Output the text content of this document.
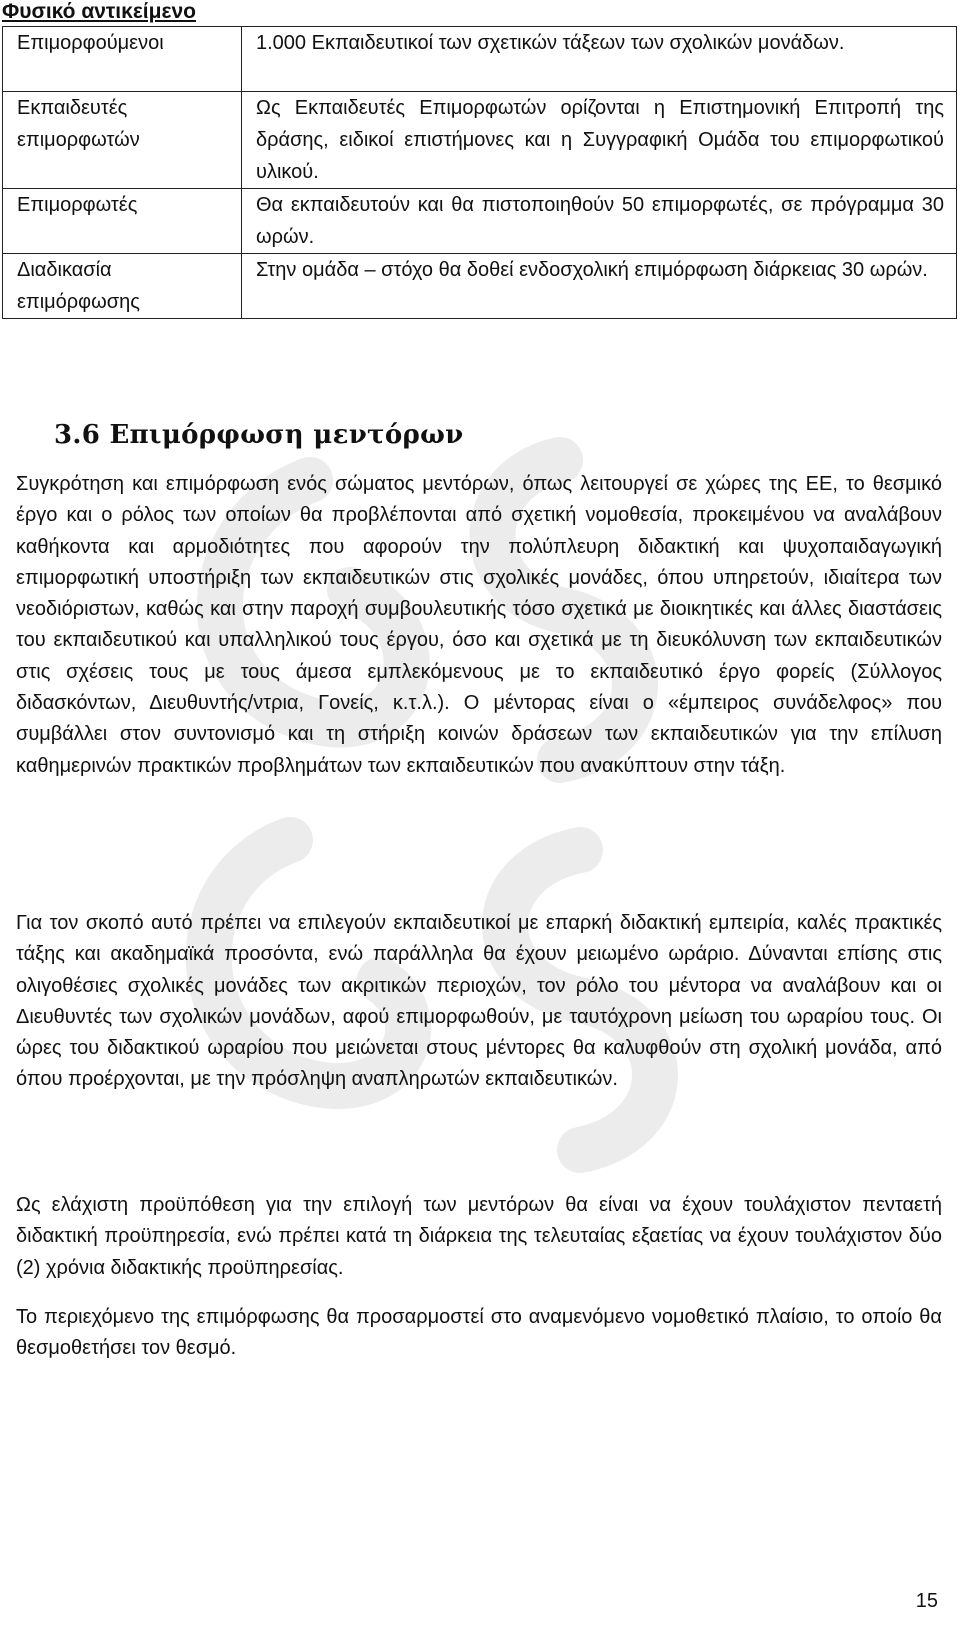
Φυσικό αντικείμενο
Επιμορφούμενοι	1.000 Εκπαιδευτικοί των σχετικών τάξεων των σχολικών μονάδων.
Εκπαιδευτές επιμορφωτών	Ως Εκπαιδευτές Επιμορφωτών ορίζονται η Επιστημονική Επιτροπή της δράσης, ειδικοί επιστήμονες και η Συγγραφική Ομάδα του επιμορφωτικού υλικού.
Επιμορφωτές	Θα εκπαιδευτούν και θα πιστοποιηθούν 50 επιμορφωτές, σε πρόγραμμα 30 ωρών.
Διαδικασία επιμόρφωσης	Στην ομάδα – στόχο θα δοθεί ενδοσχολική επιμόρφωση διάρκειας 30 ωρών.
3.6 Επιμόρφωση μεντόρων

Συγκρότηση και επιμόρφωση ενός σώματος μεντόρων, όπως λειτουργεί σε χώρες της ΕΕ, το θεσμικό έργο και ο ρόλος των οποίων θα προβλέπονται από σχετική νομοθεσία, προκειμένου να αναλάβουν καθήκοντα και αρμοδιότητες που αφορούν την πολύπλευρη διδακτική και ψυχοπαιδαγωγική επιμορφωτική υποστήριξη των εκπαιδευτικών στις σχολικές μονάδες, όπου υπηρετούν, ιδιαίτερα των νεοδιόριστων, καθώς και στην παροχή συμβουλευτικής τόσο σχετικά με διοικητικές και άλλες διαστάσεις του εκπαιδευτικού και υπαλληλικού τους έργου, όσο και σχετικά με τη διευκόλυνση των εκπαιδευτικών στις σχέσεις τους με τους άμεσα εμπλεκόμενους με το εκπαιδευτικό έργο φορείς (Σύλλογος διδασκόντων, Διευθυντής/ντρια, Γονείς, κ.τ.λ.). Ο μέντορας είναι ο «έμπειρος συνάδελφος» που συμβάλλει στον συντονισμό και τη στήριξη κοινών δράσεων των εκπαιδευτικών για την επίλυση καθημερινών πρακτικών προβλημάτων των εκπαιδευτικών που ανακύπτουν στην τάξη.

Για τον σκοπό αυτό πρέπει να επιλεγούν εκπαιδευτικοί με επαρκή διδακτική εμπειρία, καλές πρακτικές τάξης και ακαδημαϊκά προσόντα, ενώ παράλληλα θα έχουν μειωμένο ωράριο. Δύνανται επίσης στις ολιγοθέσιες σχολικές μονάδες των ακριτικών περιοχών, τον ρόλο του μέντορα να αναλάβουν και οι Διευθυντές των σχολικών μονάδων, αφού επιμορφωθούν, με ταυτόχρονη μείωση του ωραρίου τους. Οι ώρες του διδακτικού ωραρίου που μειώνεται στους μέντορες θα καλυφθούν στη σχολική μονάδα, από όπου προέρχονται, με την πρόσληψη αναπληρωτών εκπαιδευτικών.

Ως ελάχιστη προϋπόθεση για την επιλογή των μεντόρων θα είναι να έχουν τουλάχιστον πενταετή διδακτική προϋπηρεσία, ενώ πρέπει κατά τη διάρκεια της τελευταίας εξαετίας να έχουν τουλάχιστον δύο (2) χρόνια διδακτικής προϋπηρεσίας.

Το περιεχόμενο της επιμόρφωσης θα προσαρμοστεί στο αναμενόμενο νομοθετικό πλαίσιο, το οποίο θα θεσμοθετήσει τον θεσμό.

15
